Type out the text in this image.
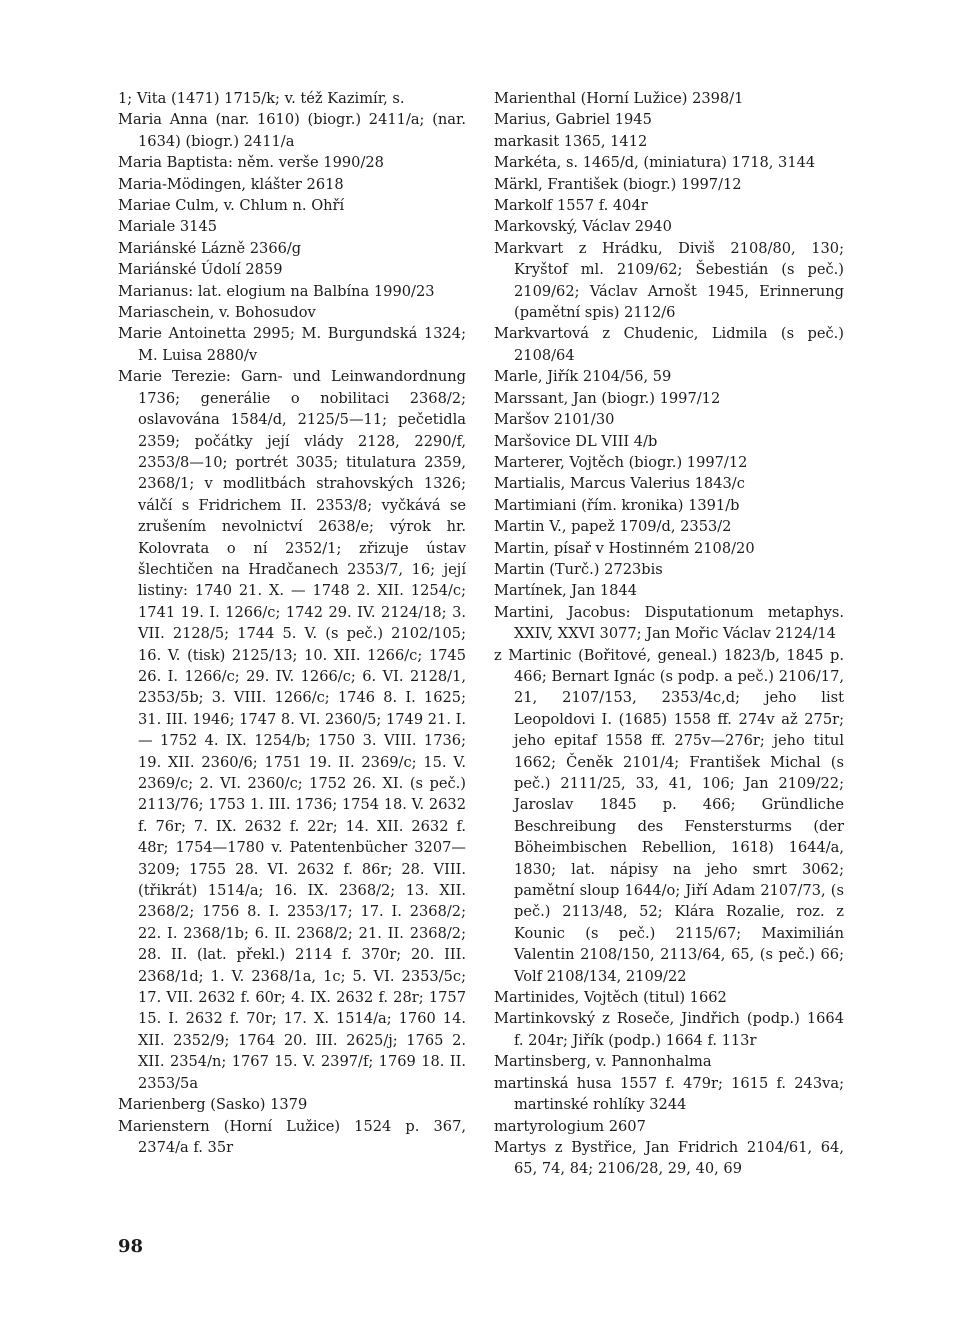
1; Vita (1471) 1715/k; v. též Kazimír, s.

Maria Anna (nar. 1610) (biogr.) 2411/a; (nar. 1634) (biogr.) 2411/a

Maria Baptista: něm. verše 1990/28

Maria-Mödingen, klášter 2618

Mariae Culm, v. Chlum n. Ohří

Mariale 3145

Mariánské Lázně 2366/g

Mariánské Údolí 2859

Marianus: lat. elogium na Balbína 1990/23

Mariaschein, v. Bohosudov

Marie Antoinetta 2995; M. Burgundská 1324; M. Luisa 2880/v

Marie Terezie: Garn- und Leinwandordnung 1736; generálie o nobilitaci 2368/2; oslavována 1584/d, 2125/5—11; pečetidla 2359; počátky její vlády 2128, 2290/f, 2353/8—10; portrét 3035; titulatura 2359, 2368/1; v modlitbách strahovských 1326; válčí s Fridrichem II. 2353/8; vyčkává se zrušením nevolnictví 2638/e; výrok hr. Kolovrata o ní 2352/1; zřizuje ústav šlechtičen na Hradčanech 2353/7, 16; její listiny: 1740 21. X. — 1748 2. XII. 1254/c; 1741 19. I. 1266/c; 1742 29. IV. 2124/18; 3. VII. 2128/5; 1744 5. V. (s peč.) 2102/105; 16. V. (tisk) 2125/13; 10. XII. 1266/c; 1745 26. I. 1266/c; 29. IV. 1266/c; 6. VI. 2128/1, 2353/5b; 3. VIII. 1266/c; 1746 8. I. 1625; 31. III. 1946; 1747 8. VI. 2360/5; 1749 21. I. — 1752 4. IX. 1254/b; 1750 3. VIII. 1736; 19. XII. 2360/6; 1751 19. II. 2369/c; 15. V. 2369/c; 2. VI. 2360/c; 1752 26. XI. (s peč.) 2113/76; 1753 1. III. 1736; 1754 18. V. 2632 f. 76r; 7. IX. 2632 f. 22r; 14. XII. 2632 f. 48r; 1754—1780 v. Patentenbücher 3207—3209; 1755 28. VI. 2632 f. 86r; 28. VIII. (třikrát) 1514/a; 16. IX. 2368/2; 13. XII. 2368/2; 1756 8. I. 2353/17; 17. I. 2368/2; 22. I. 2368/1b; 6. II. 2368/2; 21. II. 2368/2; 28. II. (lat. překl.) 2114 f. 370r; 20. III. 2368/1d; 1. V. 2368/1a, 1c; 5. VI. 2353/5c; 17. VII. 2632 f. 60r; 4. IX. 2632 f. 28r; 1757 15. I. 2632 f. 70r; 17. X. 1514/a; 1760 14. XII. 2352/9; 1764 20. III. 2625/j; 1765 2. XII. 2354/n; 1767 15. V. 2397/f; 1769 18. II. 2353/5a

Marienberg (Sasko) 1379

Marienstern (Horní Lužice) 1524 p. 367, 2374/a f. 35r

Marienthal (Horní Lužice) 2398/1

Marius, Gabriel 1945

markasit 1365, 1412

Markéta, s. 1465/d, (miniatura) 1718, 3144

Märkl, František (biogr.) 1997/12

Markolf 1557 f. 404r

Markovský, Václav 2940

Markvart z Hrádku, Diviš 2108/80, 130; Kryštof ml. 2109/62; Šebestián (s peč.) 2109/62; Václav Arnošt 1945, Erinnerung (pamětní spis) 2112/6

Markvartová z Chudenic, Lidmila (s peč.) 2108/64

Marle, Jiřík 2104/56, 59

Marssant, Jan (biogr.) 1997/12

Maršov 2101/30

Maršovice DL VIII 4/b

Marterer, Vojtěch (biogr.) 1997/12

Martialis, Marcus Valerius 1843/c

Martimiani (řím. kronika) 1391/b

Martin V., papež 1709/d, 2353/2

Martin, písař v Hostinném 2108/20

Martin (Turč.) 2723bis

Martínek, Jan 1844

Martini, Jacobus: Disputationum metaphys. XXIV, XXVI 3077; Jan Mořic Václav 2124/14

z Martinic (Bořitové, geneal.) 1823/b, 1845 p. 466; Bernart Ignác (s podp. a peč.) 2106/17, 21, 2107/153, 2353/4c,d; jeho list Leopoldovi I. (1685) 1558 ff. 274v až 275r; jeho epitaf 1558 ff. 275v—276r; jeho titul 1662; Čeněk 2101/4; František Michal (s peč.) 2111/25, 33, 41, 106; Jan 2109/22; Jaroslav 1845 p. 466; Gründliche Beschreibung des Fenstersturms (der Böheimbischen Rebellion, 1618) 1644/a, 1830; lat. nápisy na jeho smrt 3062; pamětní sloup 1644/o; Jiří Adam 2107/73, (s peč.) 2113/48, 52; Klára Rozalie, roz. z Kounic (s peč.) 2115/67; Maximilián Valentin 2108/150, 2113/64, 65, (s peč.) 66; Volf 2108/134, 2109/22

Martinides, Vojtěch (titul) 1662

Martinkovský z Roseče, Jindřich (podp.) 1664 f. 204r; Jiřík (podp.) 1664 f. 113r

Martinsberg, v. Pannonhalma

martinská husa 1557 f. 479r; 1615 f. 243va; martinské rohlíky 3244

martyrologium 2607

Martys z Bystřice, Jan Fridrich 2104/61, 64, 65, 74, 84; 2106/28, 29, 40, 69

98
